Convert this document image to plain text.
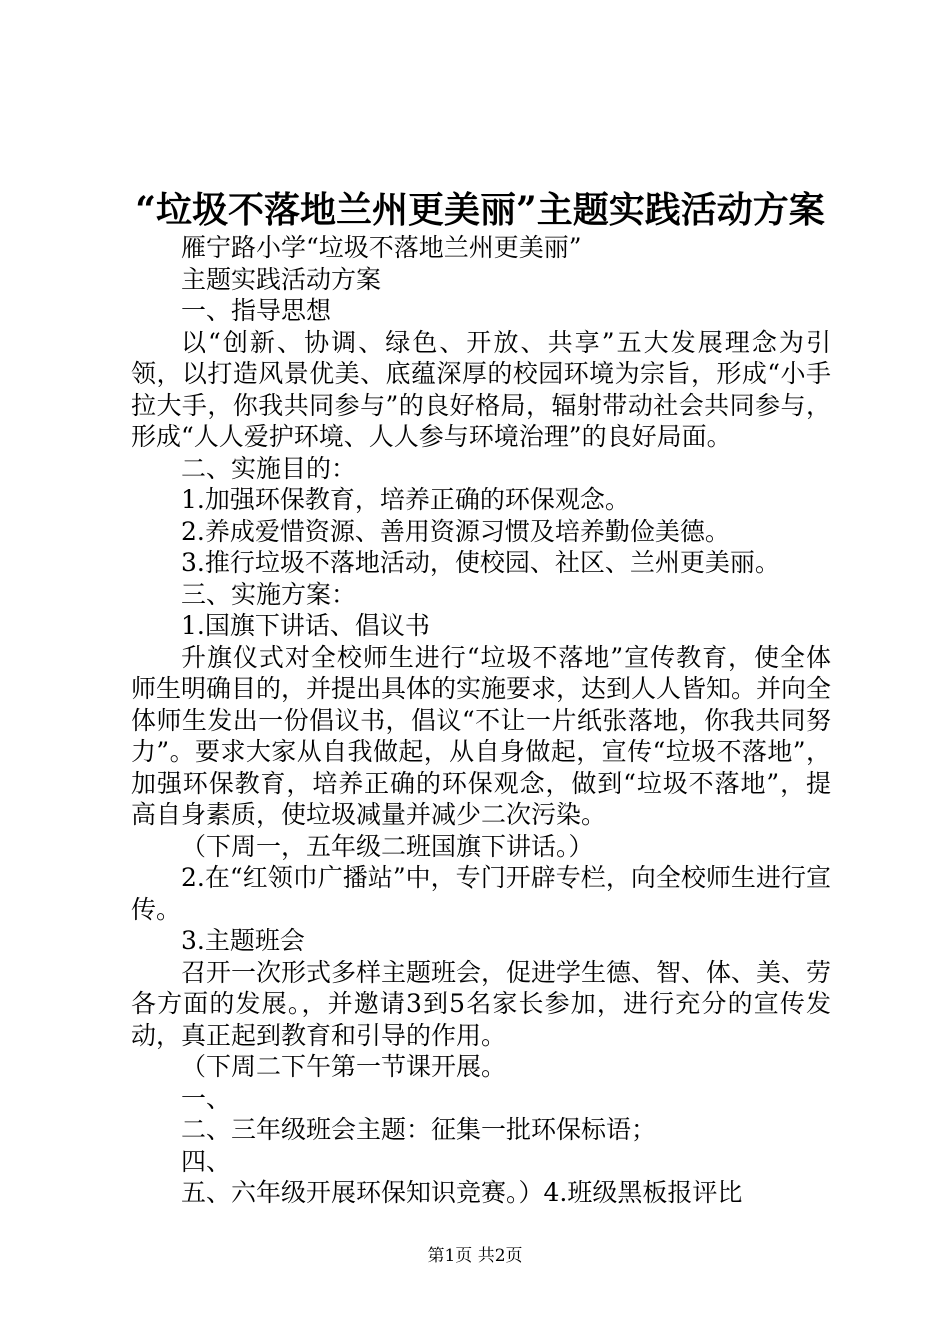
“垃圾不落地兰州更美丽”主题实践活动方案

雁宁路小学“垃圾不落地兰州更美丽”

主题实践活动方案

一、指导思想

以“创新、协调、绿色、开放、共享”五大发展理念为引领，以打造风景优美、底蕴深厚的校园环境为宗旨，形成“小手拉大手，你我共同参与”的良好格局，辐射带动社会共同参与，形成“人人爱护环境、人人参与环境治理”的良好局面。

二、实施目的：

1.加强环保教育，培养正确的环保观念。

2.养成爱惜资源、善用资源习惯及培养勤俭美德。

3.推行垃圾不落地活动，使校园、社区、兰州更美丽。

三、实施方案：

1.国旗下讲话、倡议书

升旗仪式对全校师生进行“垃圾不落地”宣传教育，使全体师生明确目的，并提出具体的实施要求，达到人人皆知。并向全体师生发出一份倡议书，倡议“不让一片纸张落地，你我共同努力”。要求大家从自我做起，从自身做起，宣传“垃圾不落地”，加强环保教育，培养正确的环保观念，做到“垃圾不落地”，提高自身素质，使垃圾减量并减少二次污染。

（下周一，五年级二班国旗下讲话。）

2.在“红领巾广播站”中，专门开辟专栏，向全校师生进行宣传。

3.主题班会

召开一次形式多样主题班会，促进学生德、智、体、美、劳各方面的发展。，并邀请3到5名家长参加，进行充分的宣传发动，真正起到教育和引导的作用。

（下周二下午第一节课开展。

一、

二、三年级班会主题：征集一批环保标语；

四、

五、六年级开展环保知识竞赛。）4.班级黑板报评比

第1页 共2页
